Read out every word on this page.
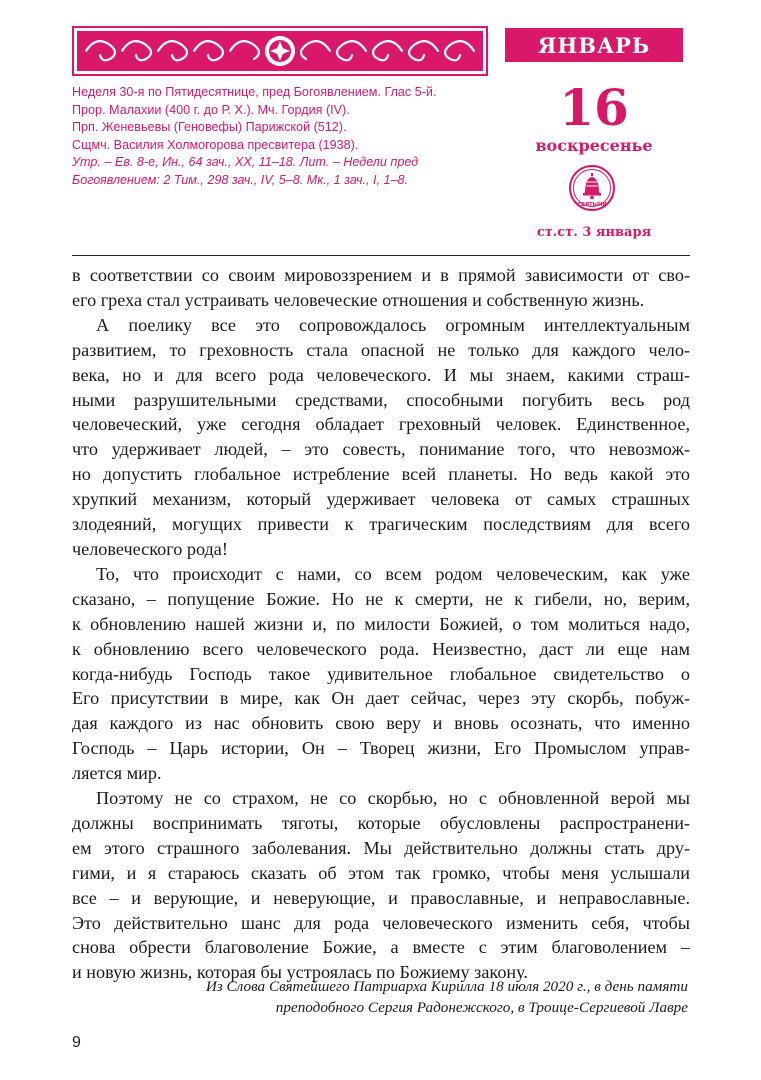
ЯНВАРЬ
16
воскресенье
СВЯТЫНИ
ст.ст. 3 января
Неделя 30-я по Пятидесятнице, пред Богоявлением. Глас 5-й.
Прор. Малахии (400 г. до Р. Х.). Мч. Гордия (IV).
Прп. Женевьевы (Геновефы) Парижской (512).
Сщмч. Василия Холмогорова пресвитера (1938).
Утр. – Ев. 8-е, Ин., 64 зач., XX, 11–18. Лит. – Недели пред
Богоявлением: 2 Тим., 298 зач., IV, 5–8. Мк., 1 зач., I, 1–8.
в соответствии со своим мировоззрением и в прямой зависимости от сво-
его греха стал устраивать человеческие отношения и собственную жизнь.
А поелику все это сопровождалось огромным интеллектуальным
развитием, то греховность стала опасной не только для каждого чело-
века, но и для всего рода человеческого. И мы знаем, какими страш-
ными разрушительными средствами, способными погубить весь род
человеческий, уже сегодня обладает греховный человек. Единственное,
что удерживает людей, – это совесть, понимание того, что невозмож-
но допустить глобальное истребление всей планеты. Но ведь какой это
хрупкий механизм, который удерживает человека от самых страшных
злодеяний, могущих привести к трагическим последствиям для всего
человеческого рода!
То, что происходит с нами, со всем родом человеческим, как уже
сказано, – попущение Божие. Но не к смерти, не к гибели, но, верим,
к обновлению нашей жизни и, по милости Божией, о том молиться надо,
к обновлению всего человеческого рода. Неизвестно, даст ли еще нам
когда-нибудь Господь такое удивительное глобальное свидетельство о
Его присутствии в мире, как Он дает сейчас, через эту скорбь, побуж-
дая каждого из нас обновить свою веру и вновь осознать, что именно
Господь – Царь истории, Он – Творец жизни, Его Промыслом управ-
ляется мир.
Поэтому не со страхом, не со скорбью, но с обновленной верой мы
должны воспринимать тяготы, которые обусловлены распространени-
ем этого страшного заболевания. Мы действительно должны стать дру-
гими, и я стараюсь сказать об этом так громко, чтобы меня услышали
все – и верующие, и неверующие, и православные, и неправославные.
Это действительно шанс для рода человеческого изменить себя, чтобы
снова обрести благоволение Божие, а вместе с этим благоволением –
и новую жизнь, которая бы устроялась по Божиему закону.
Из Слова Святейшего Патриарха Кирилла 18 июля 2020 г., в день памяти
преподобного Сергия Радонежского, в Троице-Сергиевой Лавре
9
